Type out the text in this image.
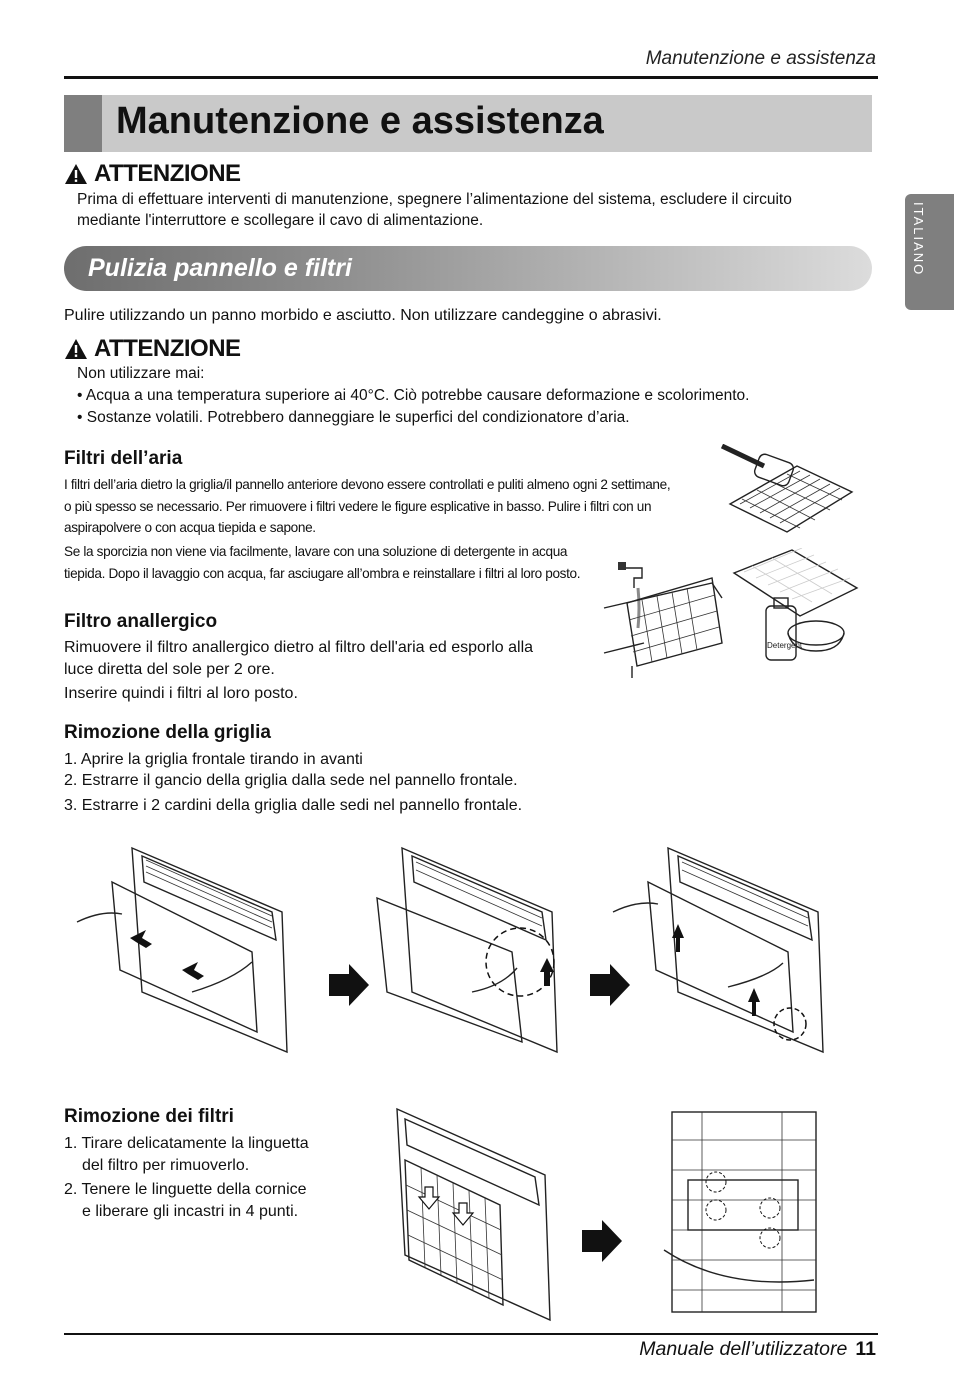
Manutenzione e assistenza
Manutenzione e assistenza
ITALIANO
ATTENZIONE
Prima di effettuare interventi di manutenzione, spegnere l’alimentazione del sistema, escludere il circuito
mediante l'interruttore e scollegare il cavo di alimentazione.
Pulizia pannello e filtri
Pulire utilizzando un panno morbido e asciutto. Non utilizzare candeggine o abrasivi.
ATTENZIONE
Non utilizzare mai:
• Acqua a una temperatura superiore ai 40°C. Ciò potrebbe causare deformazione e scolorimento.
• Sostanze volatili. Potrebbero danneggiare le superfici del condizionatore d’aria.
Filtri dell’aria
I filtri dell’aria dietro la griglia/il pannello anteriore devono essere controllati e puliti almeno ogni 2 settimane,
o più spesso se necessario. Per rimuovere i filtri vedere le figure esplicative in basso. Pulire i filtri con un
aspirapolvere o con acqua tiepida e sapone.
Se la sporcizia non viene via facilmente, lavare con una soluzione di detergente in acqua
tiepida. Dopo il lavaggio con acqua, far asciugare all’ombra e reinstallare i filtri al loro posto.
Filtro anallergico
Rimuovere il filtro anallergico dietro al filtro dell'aria ed esporlo alla
luce diretta del sole per 2 ore.
Inserire quindi i filtri al loro posto.
Rimozione della griglia
1. Aprire la griglia frontale tirando in avanti
2. Estrarre il gancio della griglia dalla sede nel pannello frontale.
3. Estrarre i 2 cardini della griglia dalle sedi nel pannello frontale.
Rimozione dei filtri
1. Tirare delicatamente la linguetta
del filtro per rimuoverlo.
2. Tenere le linguette della cornice
e liberare gli incastri in 4 punti.
Detergent
Manuale dell’utilizzatore 11
